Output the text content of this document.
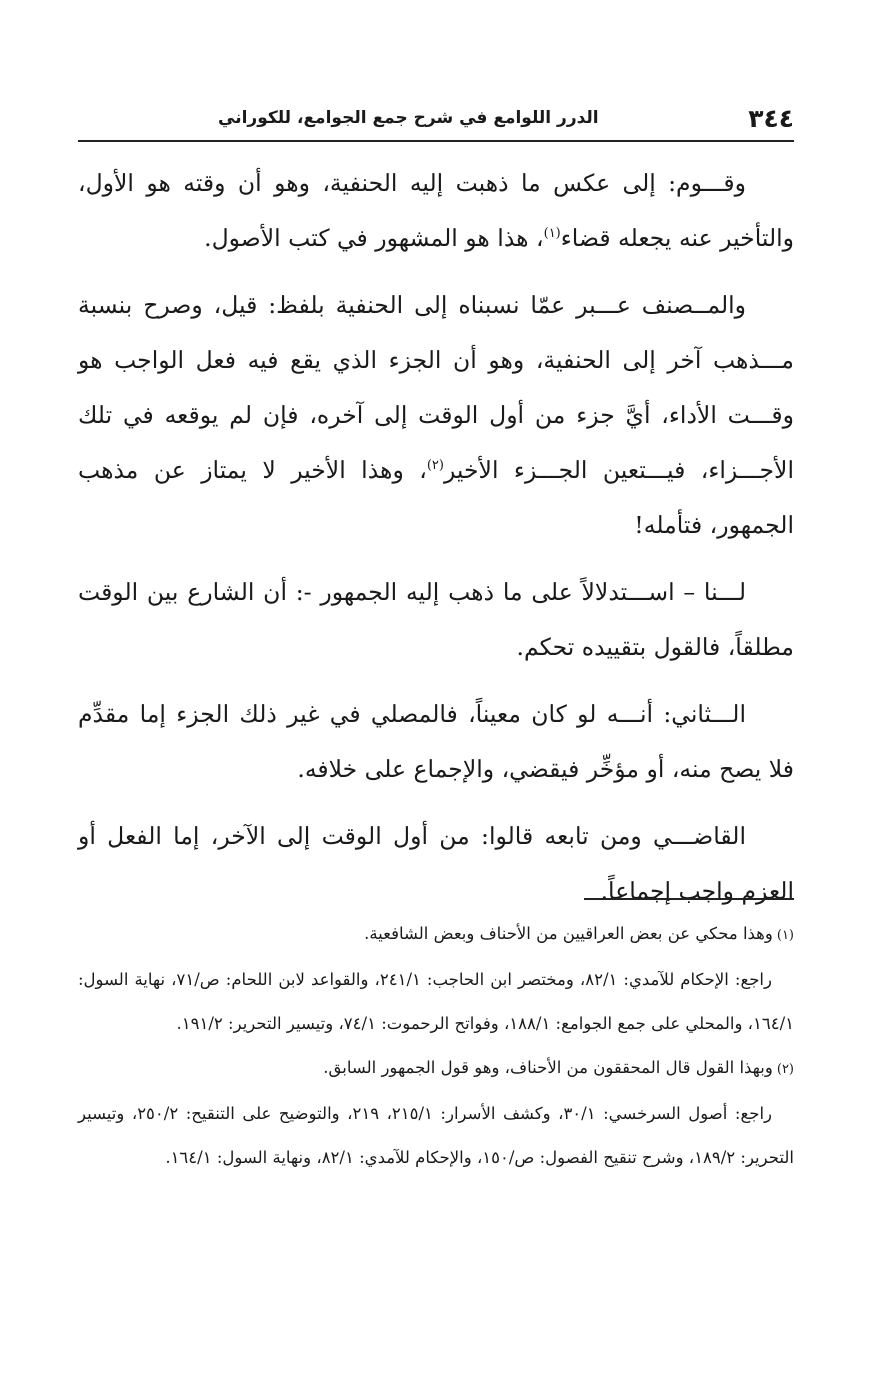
٣٤٤
الدرر اللوامع في شرح جمع الجوامع، للكوراني

وقـــوم: إلى عكس ما ذهبت إليه الحنفية، وهو أن وقته هو الأول، والتأخير عنه يجعله قضاء$^{(١)}$، هذا هو المشهور في كتب الأصول.

والمــصنف عـــبر عمّا نسبناه إلى الحنفية بلفظ: قيل، وصرح بنسبة مـــذهب آخر إلى الحنفية، وهو أن الجزء الذي يقع فيه فعل الواجب هو وقـــت الأداء، أيَّ جزء من أول الوقت إلى آخره، فإن لم يوقعه في تلك الأجـــزاء، فيـــتعين الجـــزء الأخير$^{(٢)}$، وهذا الأخير لا يمتاز عن مذهب الجمهور، فتأمله!

لـــنا – اســـتدلالاً على ما ذهب إليه الجمهور -: أن الشارع بين الوقت مطلقاً، فالقول بتقييده تحكم.

الـــثاني: أنـــه لو كان معيناً، فالمصلي في غير ذلك الجزء إما مقدِّم فلا يصح منه، أو مؤخِّر فيقضي، والإجماع على خلافه.

القاضـــي ومن تابعه قالوا: من أول الوقت إلى الآخر، إما الفعل أو العزم واجب إجماعاً.

(١)وهذا محكي عن بعض العراقيين من الأحناف وبعض الشافعية.

راجع: الإحكام للآمدي: ٨٢/١، ومختصر ابن الحاجب: ٢٤١/١، والقواعد لابن اللحام: ص/٧١، نهاية السول: ١٦٤/١، والمحلي على جمع الجوامع: ١٨٨/١، وفواتح الرحموت: ٧٤/١، وتيسير التحرير: ١٩١/٢.

(٢)وبهذا القول قال المحققون من الأحناف، وهو قول الجمهور السابق.

راجع: أصول السرخسي: ٣٠/١، وكشف الأسرار: ٢١٥/١، ٢١٩، والتوضيح على التنقيح: ٢٥٠/٢، وتيسير التحرير: ١٨٩/٢، وشرح تنقيح الفصول: ص/١٥٠، والإحكام للآمدي: ٨٢/١، ونهاية السول: ١٦٤/١.
